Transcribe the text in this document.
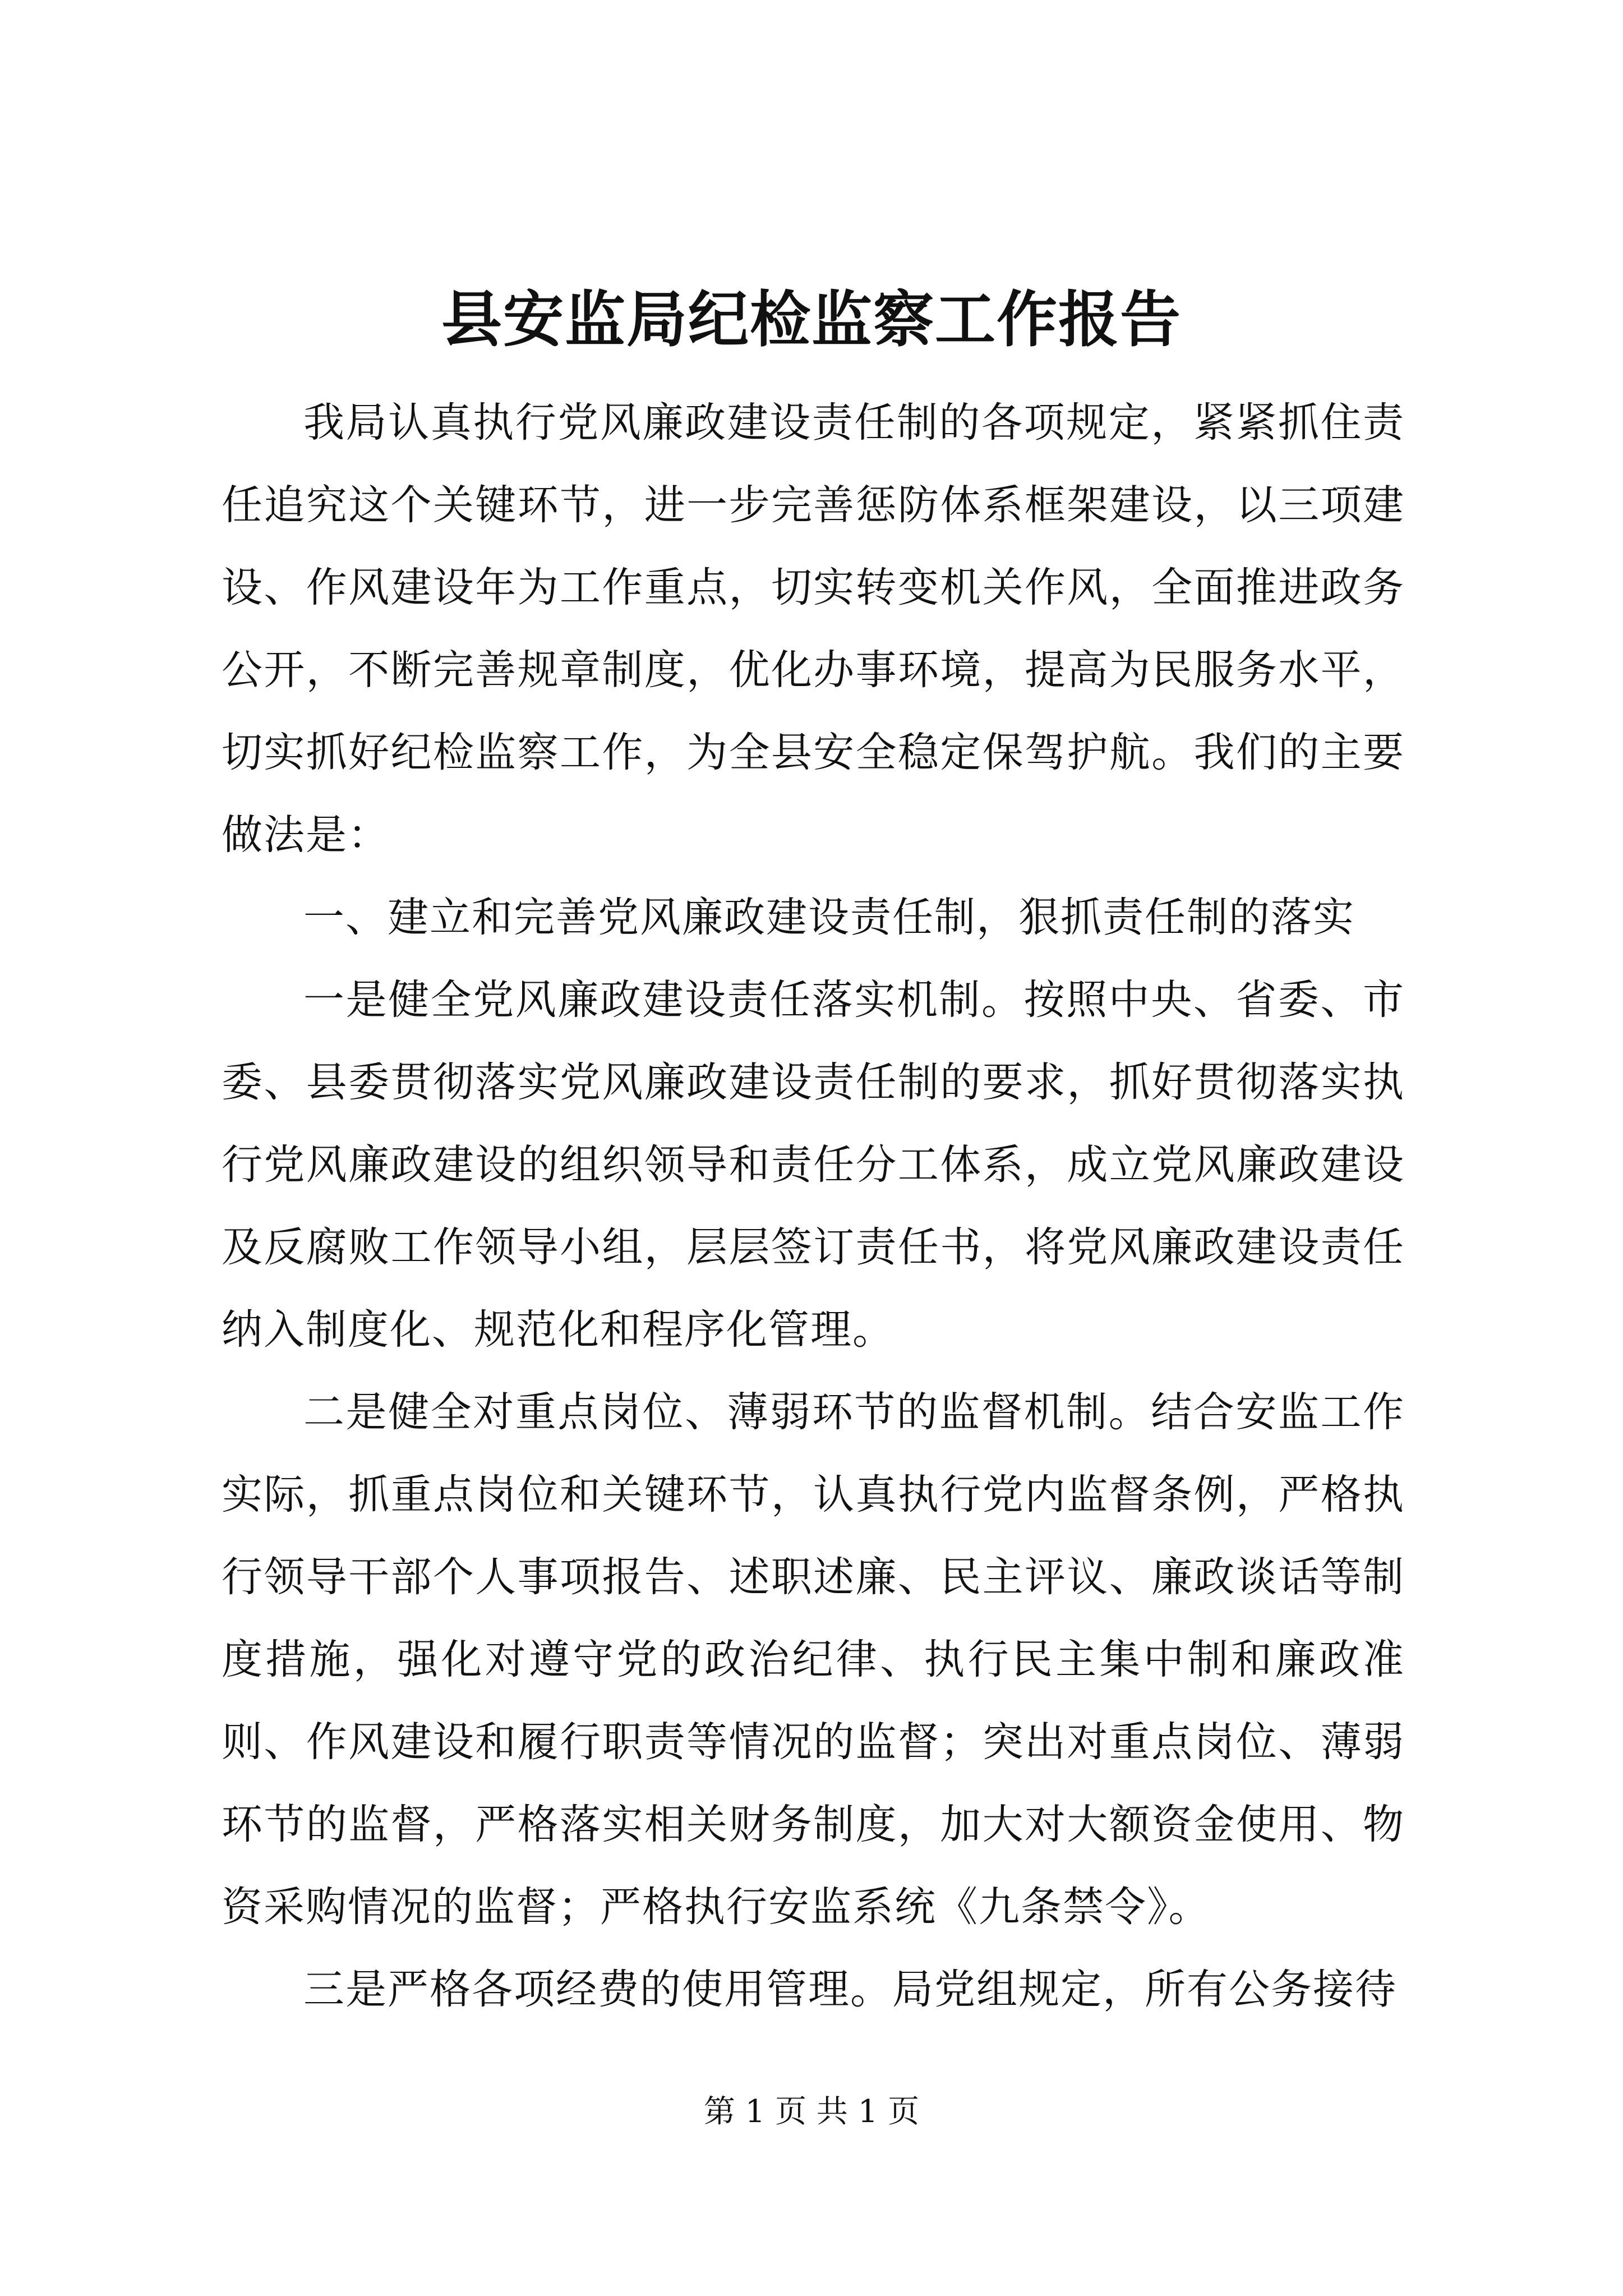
县安监局纪检监察工作报告

我局认真执行党风廉政建设责任制的各项规定，紧紧抓住责任追究这个关键环节，进一步完善惩防体系框架建设，以三项建设、作风建设年为工作重点，切实转变机关作风，全面推进政务公开，不断完善规章制度，优化办事环境，提高为民服务水平，切实抓好纪检监察工作，为全县安全稳定保驾护航。我们的主要做法是：

一、建立和完善党风廉政建设责任制，狠抓责任制的落实

一是健全党风廉政建设责任落实机制。按照中央、省委、市委、县委贯彻落实党风廉政建设责任制的要求，抓好贯彻落实执行党风廉政建设的组织领导和责任分工体系，成立党风廉政建设及反腐败工作领导小组，层层签订责任书，将党风廉政建设责任纳入制度化、规范化和程序化管理。

二是健全对重点岗位、薄弱环节的监督机制。结合安监工作实际，抓重点岗位和关键环节，认真执行党内监督条例，严格执行领导干部个人事项报告、述职述廉、民主评议、廉政谈话等制度措施，强化对遵守党的政治纪律、执行民主集中制和廉政准则、作风建设和履行职责等情况的监督；突出对重点岗位、薄弱环节的监督，严格落实相关财务制度，加大对大额资金使用、物资采购情况的监督；严格执行安监系统《九条禁令》。

三是严格各项经费的使用管理。局党组规定，所有公务接待

第 1 页 共 1 页
